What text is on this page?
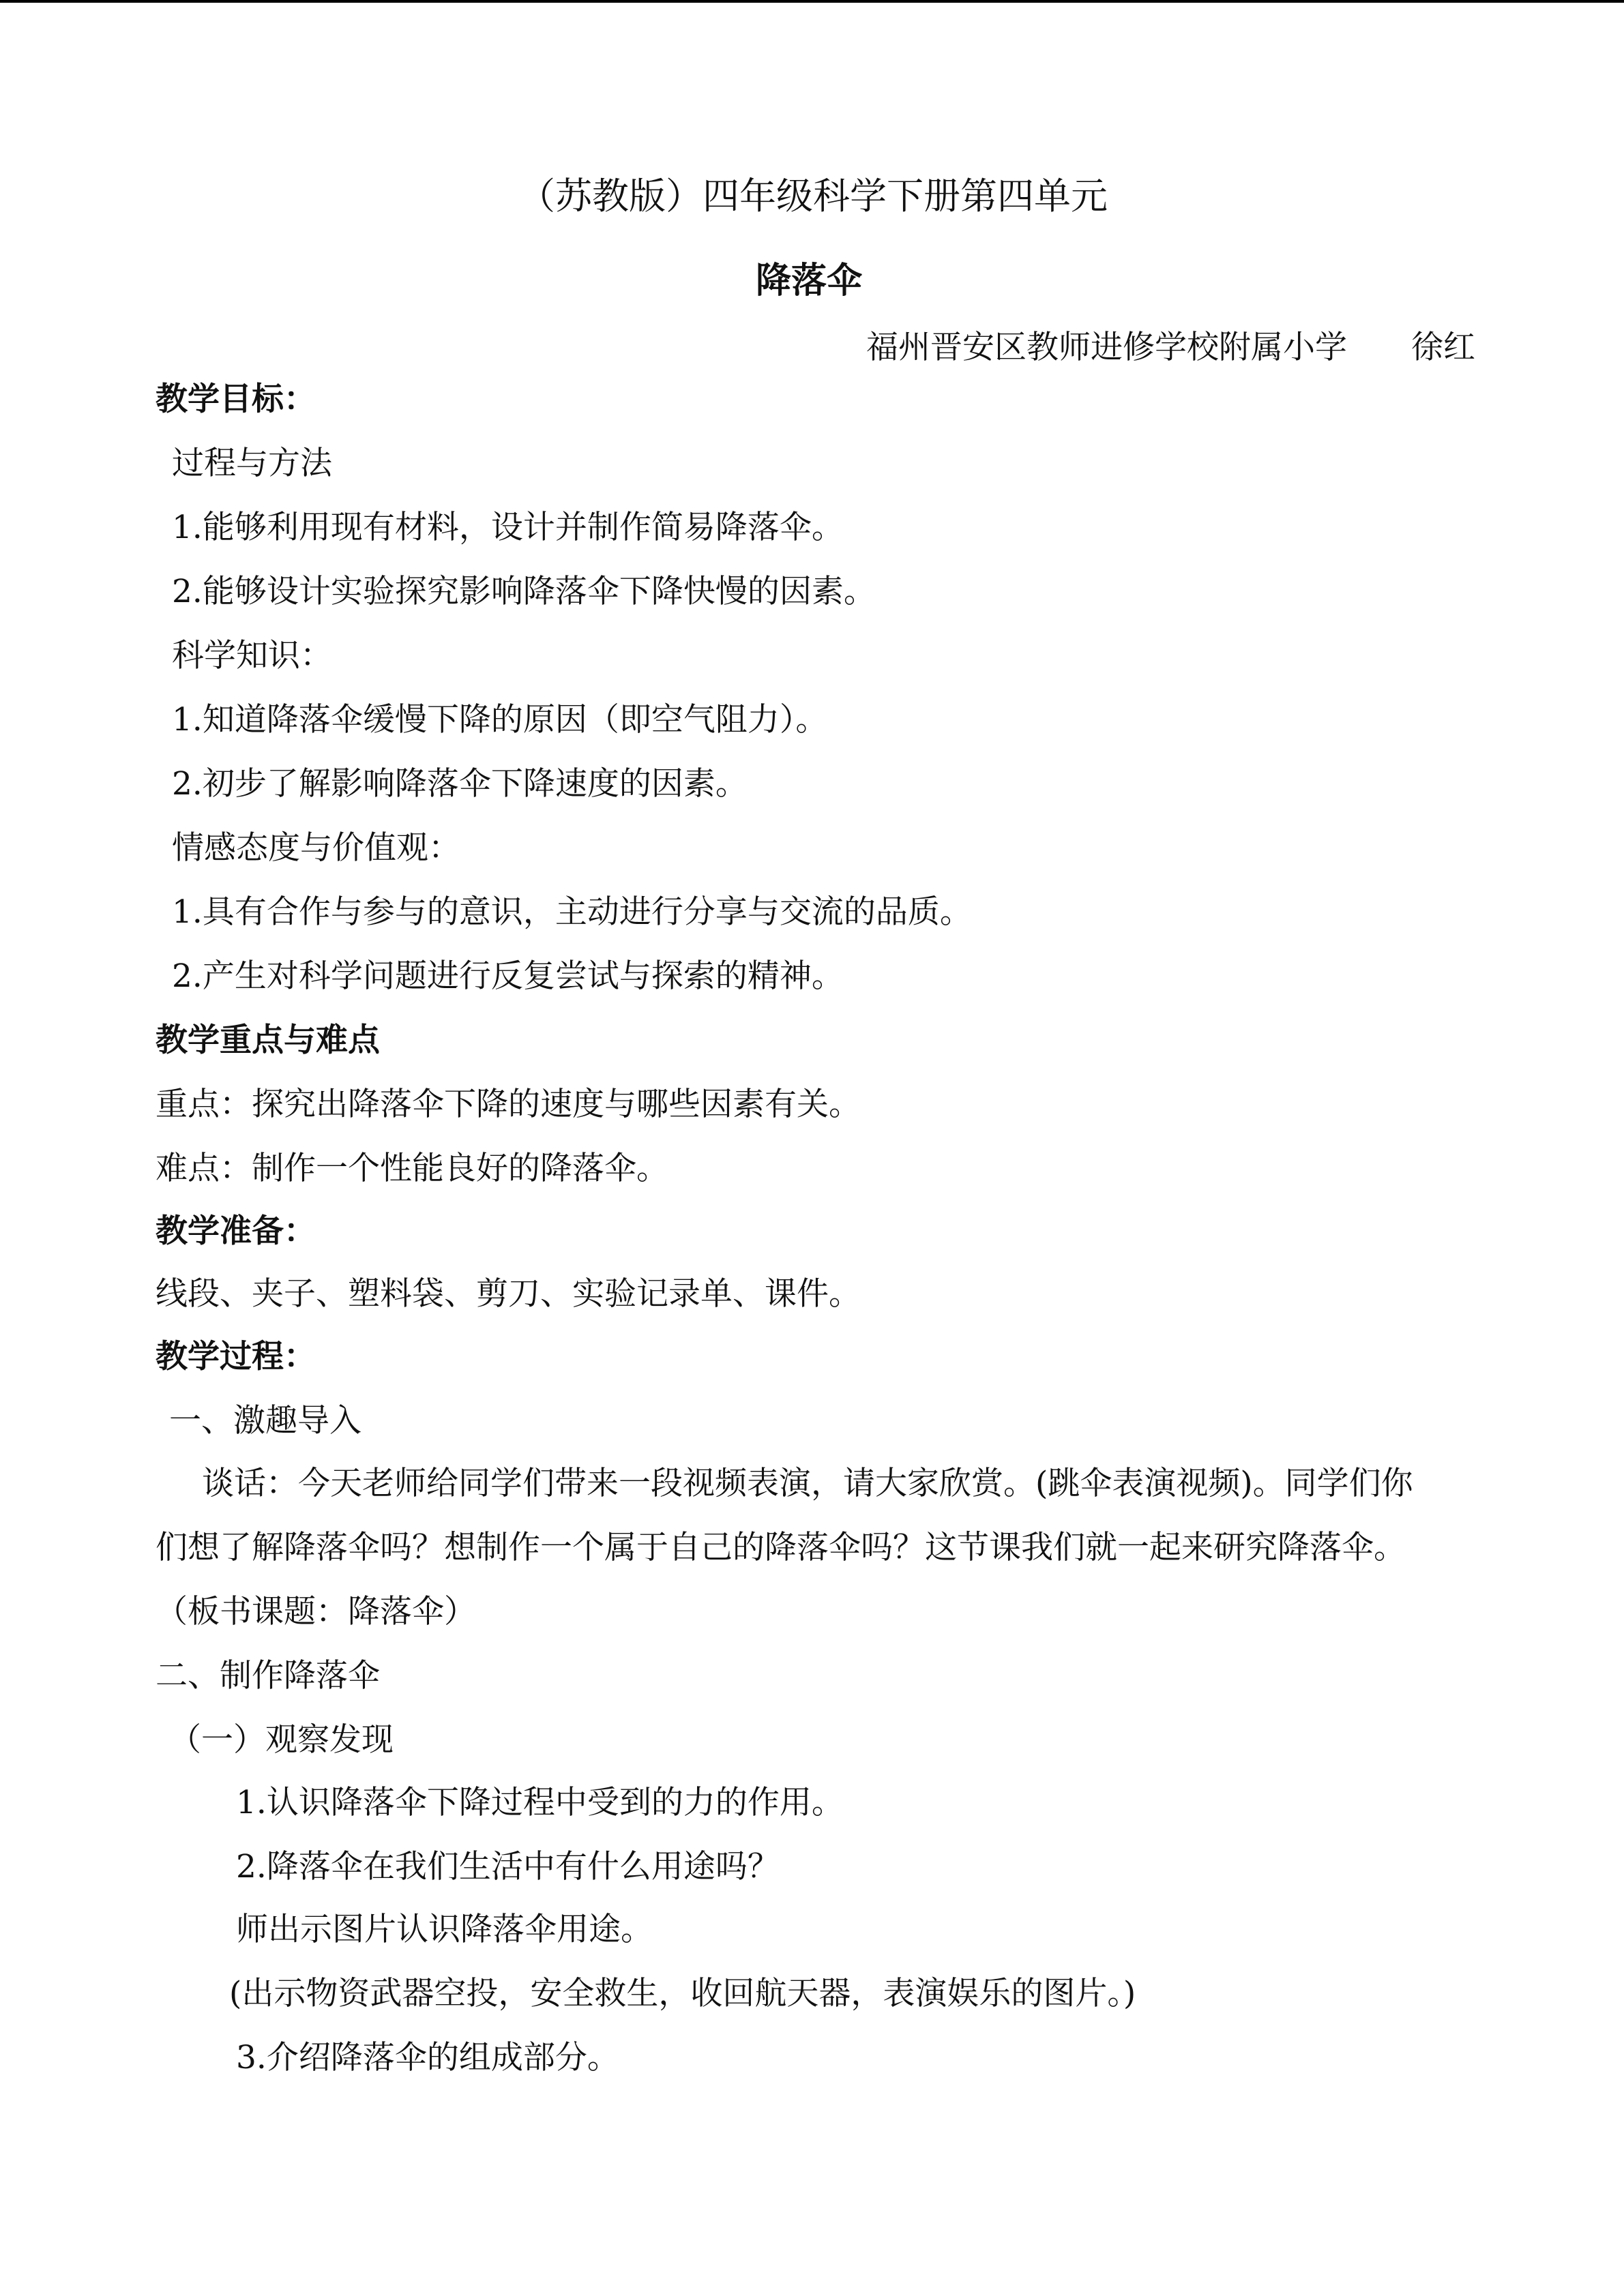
（苏教版）四年级科学下册第四单元
降落伞
福州晋安区教师进修学校附属小学　　徐红
教学目标：
过程与方法
1.能够利用现有材料，设计并制作简易降落伞。
2.能够设计实验探究影响降落伞下降快慢的因素。
科学知识：
1.知道降落伞缓慢下降的原因（即空气阻力）。
2.初步了解影响降落伞下降速度的因素。
情感态度与价值观：
1.具有合作与参与的意识，主动进行分享与交流的品质。
2.产生对科学问题进行反复尝试与探索的精神。
教学重点与难点
重点：探究出降落伞下降的速度与哪些因素有关。
难点：制作一个性能良好的降落伞。
教学准备：
线段、夹子、塑料袋、剪刀、实验记录单、课件。
教学过程：
一、激趣导入
谈话：今天老师给同学们带来一段视频表演，请大家欣赏。(跳伞表演视频)。同学们你
们想了解降落伞吗？想制作一个属于自己的降落伞吗？这节课我们就一起来研究降落伞。
（板书课题：降落伞）
二、制作降落伞
（一）观察发现
1.认识降落伞下降过程中受到的力的作用。
2.降落伞在我们生活中有什么用途吗？
师出示图片认识降落伞用途。
(出示物资武器空投，安全救生，收回航天器，表演娱乐的图片。)
3.介绍降落伞的组成部分。
